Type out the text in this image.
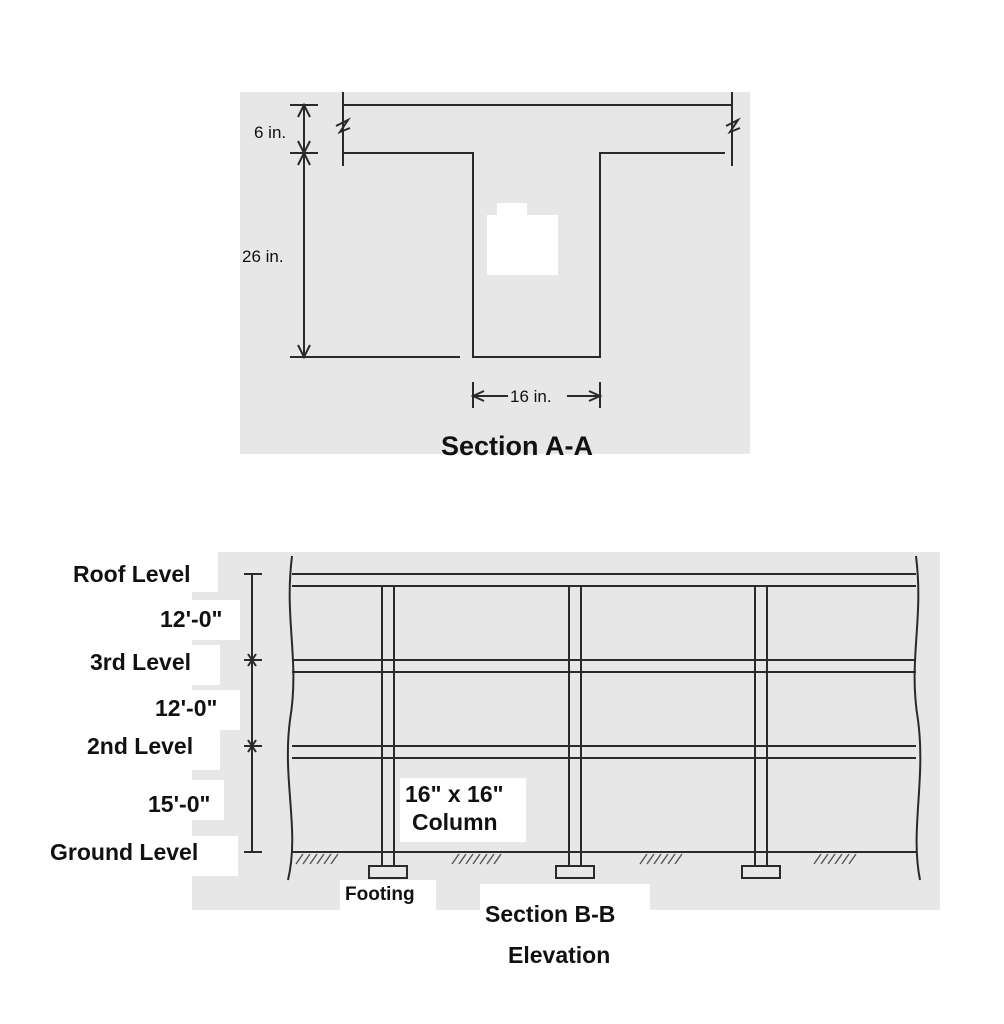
6 in.
26 in.
16 in.
Section A-A
Roof Level
12'-0"
3rd Level
12'-0"
2nd Level
15'-0"
Ground Level
16" x 16"
Column
Footing
Section B-B
Elevation
